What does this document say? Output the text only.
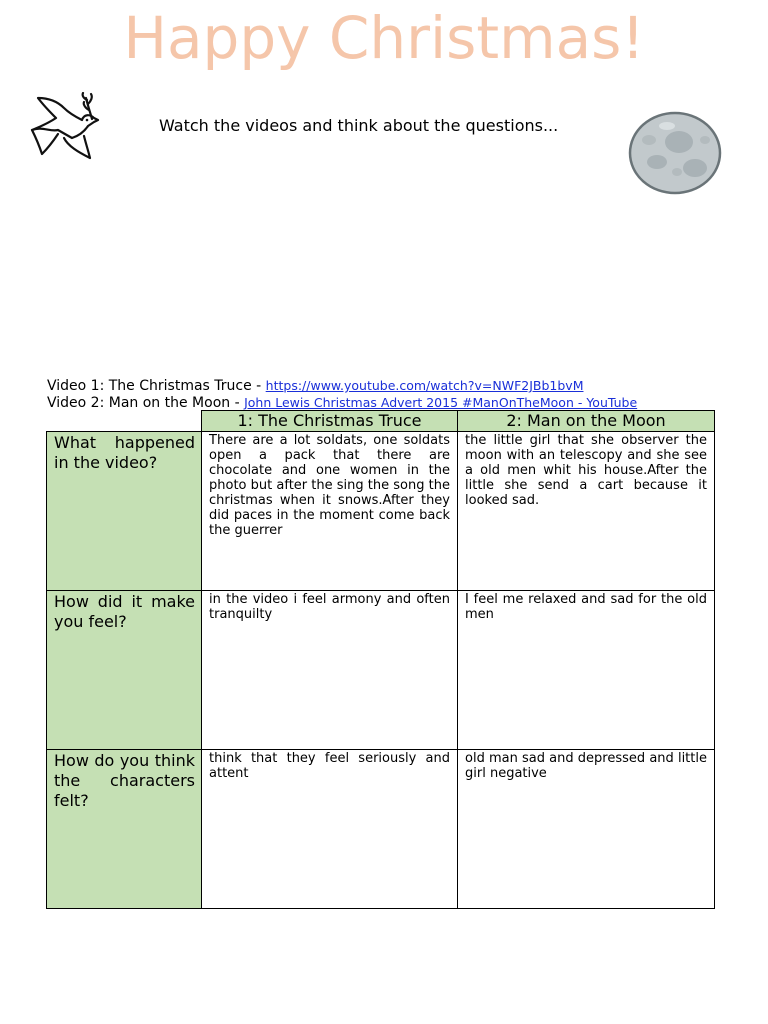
Happy Christmas!
Watch the videos and think about the questions...
Video 1: The Christmas Truce - https://www.youtube.com/watch?v=NWF2JBb1bvM
Video 2: Man on the Moon - John Lewis Christmas Advert 2015 #ManOnTheMoon - YouTube
	1: The Christmas Truce	2: Man on the Moon
What happened in the video?	There are a lot soldats, one soldats open a pack that there are chocolate and one women in the photo but after the sing the song the christmas when it snows.After they did paces in the moment come back the guerrer	the little girl that she observer the moon with an telescopy and she see a old men whit his house.After the little she send a cart because it looked sad.
How did it make you feel?	in the video i feel armony and often tranquilty	I feel me relaxed and sad for the old men
How do you think the characters felt?	think that they feel seriously and attent	old man sad and depressed and little girl negative
